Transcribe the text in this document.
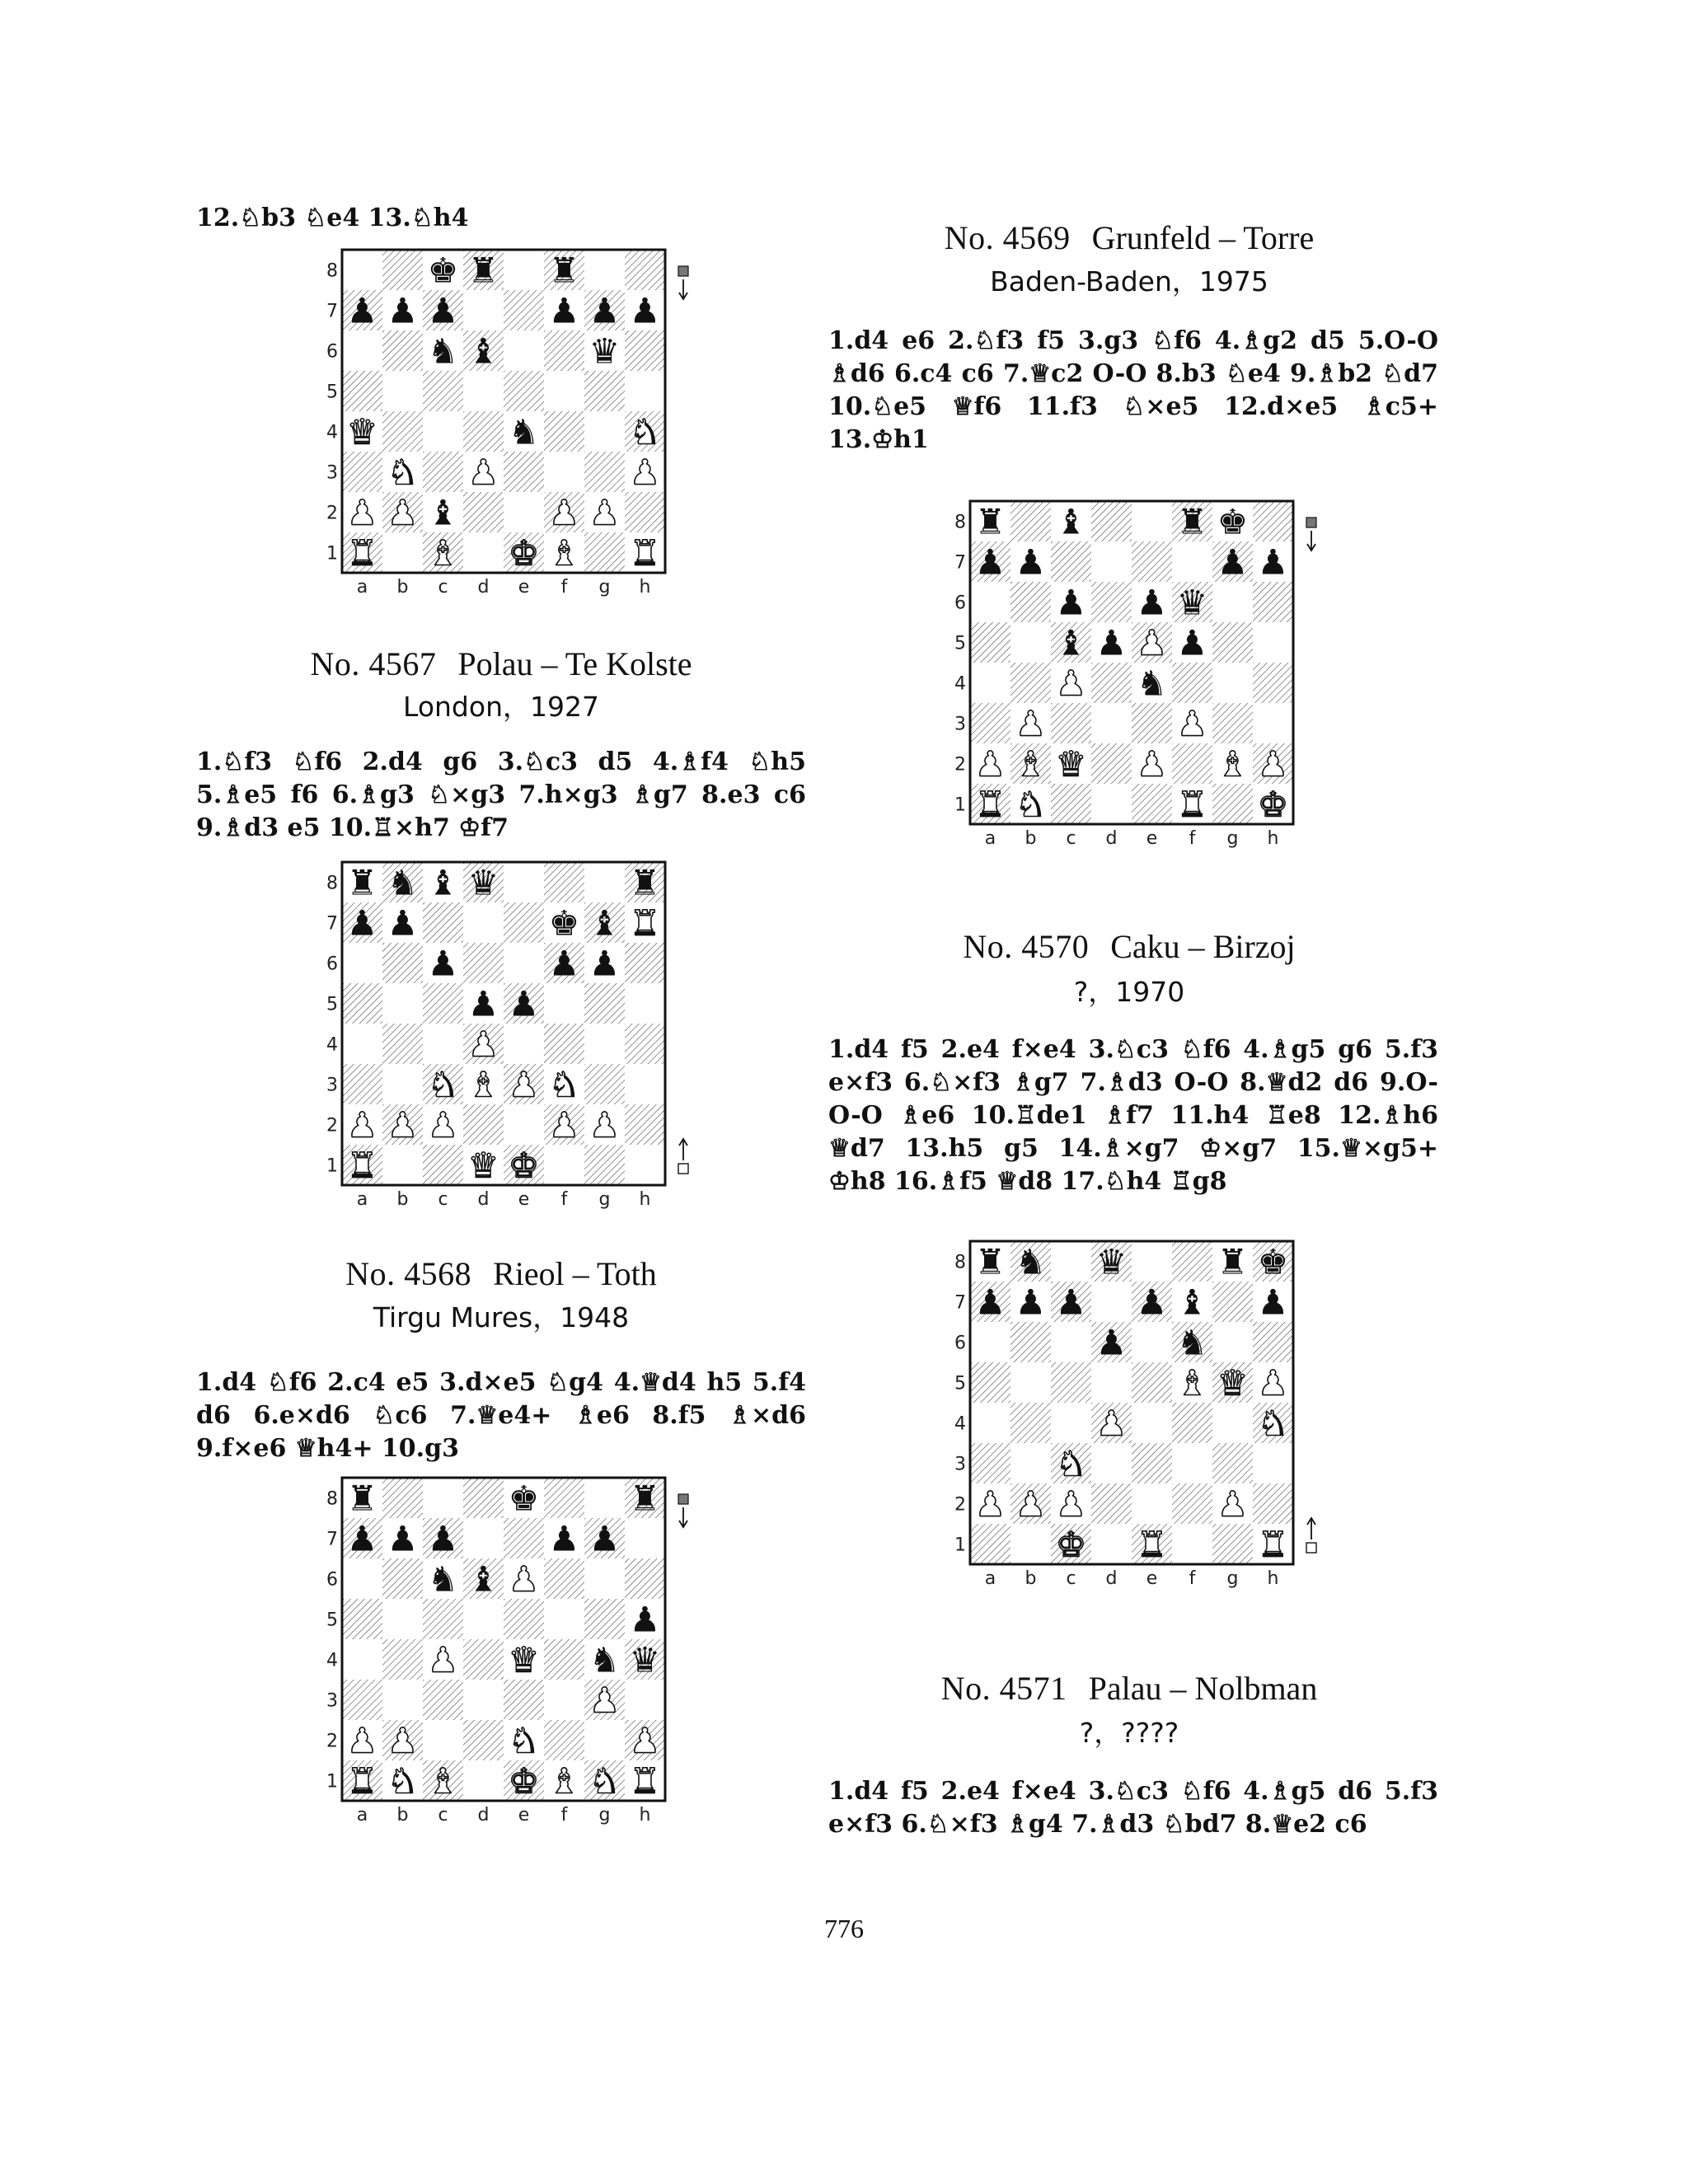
12.♘b3 ♘e4 13.♘h4

♚ ♜ ♜
♟ ♟ ♟	♟ ♟ ♟
♞ ♝	♛
♛	♞	♞
♞ ♟	♟
♟ ♟ ♝	♟ ♟
♜ ♝ ♚ ♝ ♜
8
7
6
5
4
3
2
1
a b c d e f g h
No. 4567 Polau – Te Kolste
London，1927

1.♘f3 ♘f6 2.d4 g6 3.♘c3 d5 4.♗f4 ♘h5 5.♗e5 f6 6.♗g3 ♘×g3 7.h×g3 ♗g7 8.e3 c6 9.♗d3 e5 10.♖×h7 ♔f7

♜ ♞ ♝ ♛	♜
♟ ♟	♚ ♝ ♜
♟	♟ ♟
♟ ♟
♟
♞ ♝ ♟ ♞
♟ ♟ ♟	♟ ♟
♜	♛ ♚
8
7
6
5
4
3
2
1
a b c d e f g h
No. 4568 Rieol – Toth
Tirgu Mures，1948

1.d4 ♘f6 2.c4 e5 3.d×e5 ♘g4 4.♕d4 h5 5.f4 d6 6.e×d6 ♘c6 7.♕e4+ ♗e6 8.f5 ♗×d6 9.f×e6 ♕h4+ 10.g3

♜	♚	♜
♟ ♟ ♟	♟ ♟
♞ ♝ ♟
♟
♟ ♛ ♞ ♛
♟
♟ ♟	♞	♟
♜ ♞ ♝ ♚ ♝ ♞ ♜
8
7
6
5
4
3
2
1
a b c d e f g h
No. 4569 Grunfeld – Torre
Baden-Baden，1975

1.d4 e6 2.♘f3 f5 3.g3 ♘f6 4.♗g2 d5 5.O-O ♗d6 6.c4 c6 7.♕c2 O-O 8.b3 ♘e4 9.♗b2 ♘d7 10.♘e5 ♕f6 11.f3 ♘×e5 12.d×e5 ♗c5+ 13.♔h1

♜ ♝	♜ ♚
♟ ♟	♟ ♟
♟ ♟ ♛
♝ ♟ ♟ ♟
♟ ♞
♟	♟
♟ ♝ ♛ ♟ ♝ ♟
♜ ♞	♜ ♚
8
7
6
5
4
3
2
1
a b c d e f g h
No. 4570 Caku – Birzoj
?，1970

1.d4 f5 2.e4 f×e4 3.♘c3 ♘f6 4.♗g5 g6 5.f3 e×f3 6.♘×f3 ♗g7 7.♗d3 O-O 8.♕d2 d6 9.O-O-O ♗e6 10.♖de1 ♗f7 11.h4 ♖e8 12.♗h6 ♕d7 13.h5 g5 14.♗×g7 ♔×g7 15.♕×g5+ ♔h8 16.♗f5 ♕d8 17.♘h4 ♖g8

♜ ♞ ♛	♜ ♚
♟ ♟ ♟ ♟ ♝ ♟
♟ ♞
♝ ♛ ♟
♟	♞
♞
♟ ♟ ♟	♟
♚ ♜	♜
8
7
6
5
4
3
2
1
a b c d e f g h
No. 4571 Palau – Nolbman
?，????

1.d4 f5 2.e4 f×e4 3.♘c3 ♘f6 4.♗g5 d6 5.f3 e×f3 6.♘×f3 ♗g4 7.♗d3 ♘bd7 8.♕e2 c6

776
